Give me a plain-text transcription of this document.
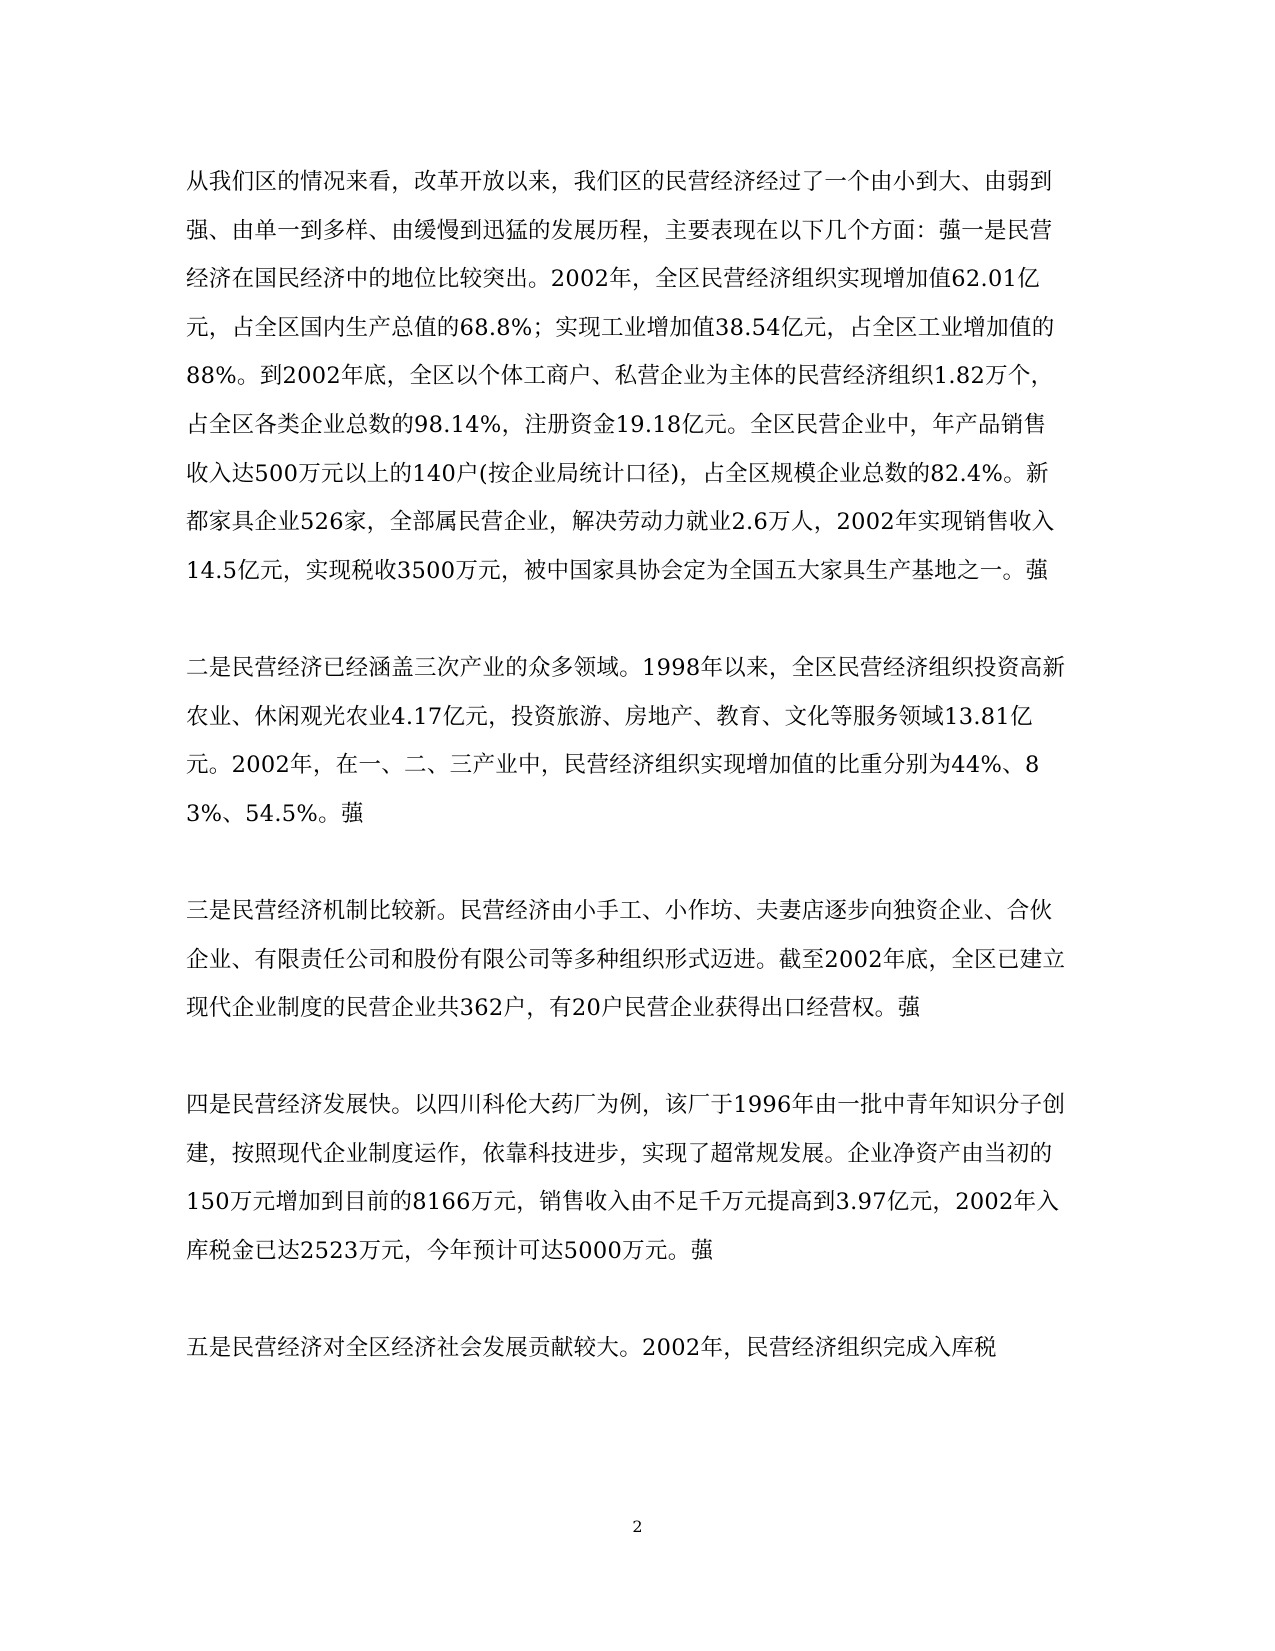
从我们区的情况来看，改革开放以来，我们区的民营经济经过了一个由小到大、由弱到强、由单一到多样、由缓慢到迅猛的发展历程，主要表现在以下几个方面：蔃一是民营经济在国民经济中的地位比较突出。2002年，全区民营经济组织实现增加值62.01亿元，占全区国内生产总值的68.8%；实现工业增加值38.54亿元，占全区工业增加值的88%。到2002年底，全区以个体工商户、私营企业为主体的民营经济组织1.82万个，占全区各类企业总数的98.14%，注册资金19.18亿元。全区民营企业中，年产品销售收入达500万元以上的140户(按企业局统计口径)，占全区规模企业总数的82.4%。新都家具企业526家，全部属民营企业，解决劳动力就业2.6万人，2002年实现销售收入14.5亿元，实现税收3500万元，被中国家具协会定为全国五大家具生产基地之一。蔃

二是民营经济已经涵盖三次产业的众多领域。1998年以来，全区民营经济组织投资高新农业、休闲观光农业4.17亿元，投资旅游、房地产、教育、文化等服务领域13.81亿元。2002年，在一、二、三产业中，民营经济组织实现增加值的比重分别为44%、83%、54.5%。蔃

三是民营经济机制比较新。民营经济由小手工、小作坊、夫妻店逐步向独资企业、合伙企业、有限责任公司和股份有限公司等多种组织形式迈进。截至2002年底，全区已建立现代企业制度的民营企业共362户，有20户民营企业获得出口经营权。蔃

四是民营经济发展快。以四川科伦大药厂为例，该厂于1996年由一批中青年知识分子创建，按照现代企业制度运作，依靠科技进步，实现了超常规发展。企业净资产由当初的150万元增加到目前的8166万元，销售收入由不足千万元提高到3.97亿元，2002年入库税金已达2523万元，今年预计可达5000万元。蔃

五是民营经济对全区经济社会发展贡献较大。2002年，民营经济组织完成入库税

2
